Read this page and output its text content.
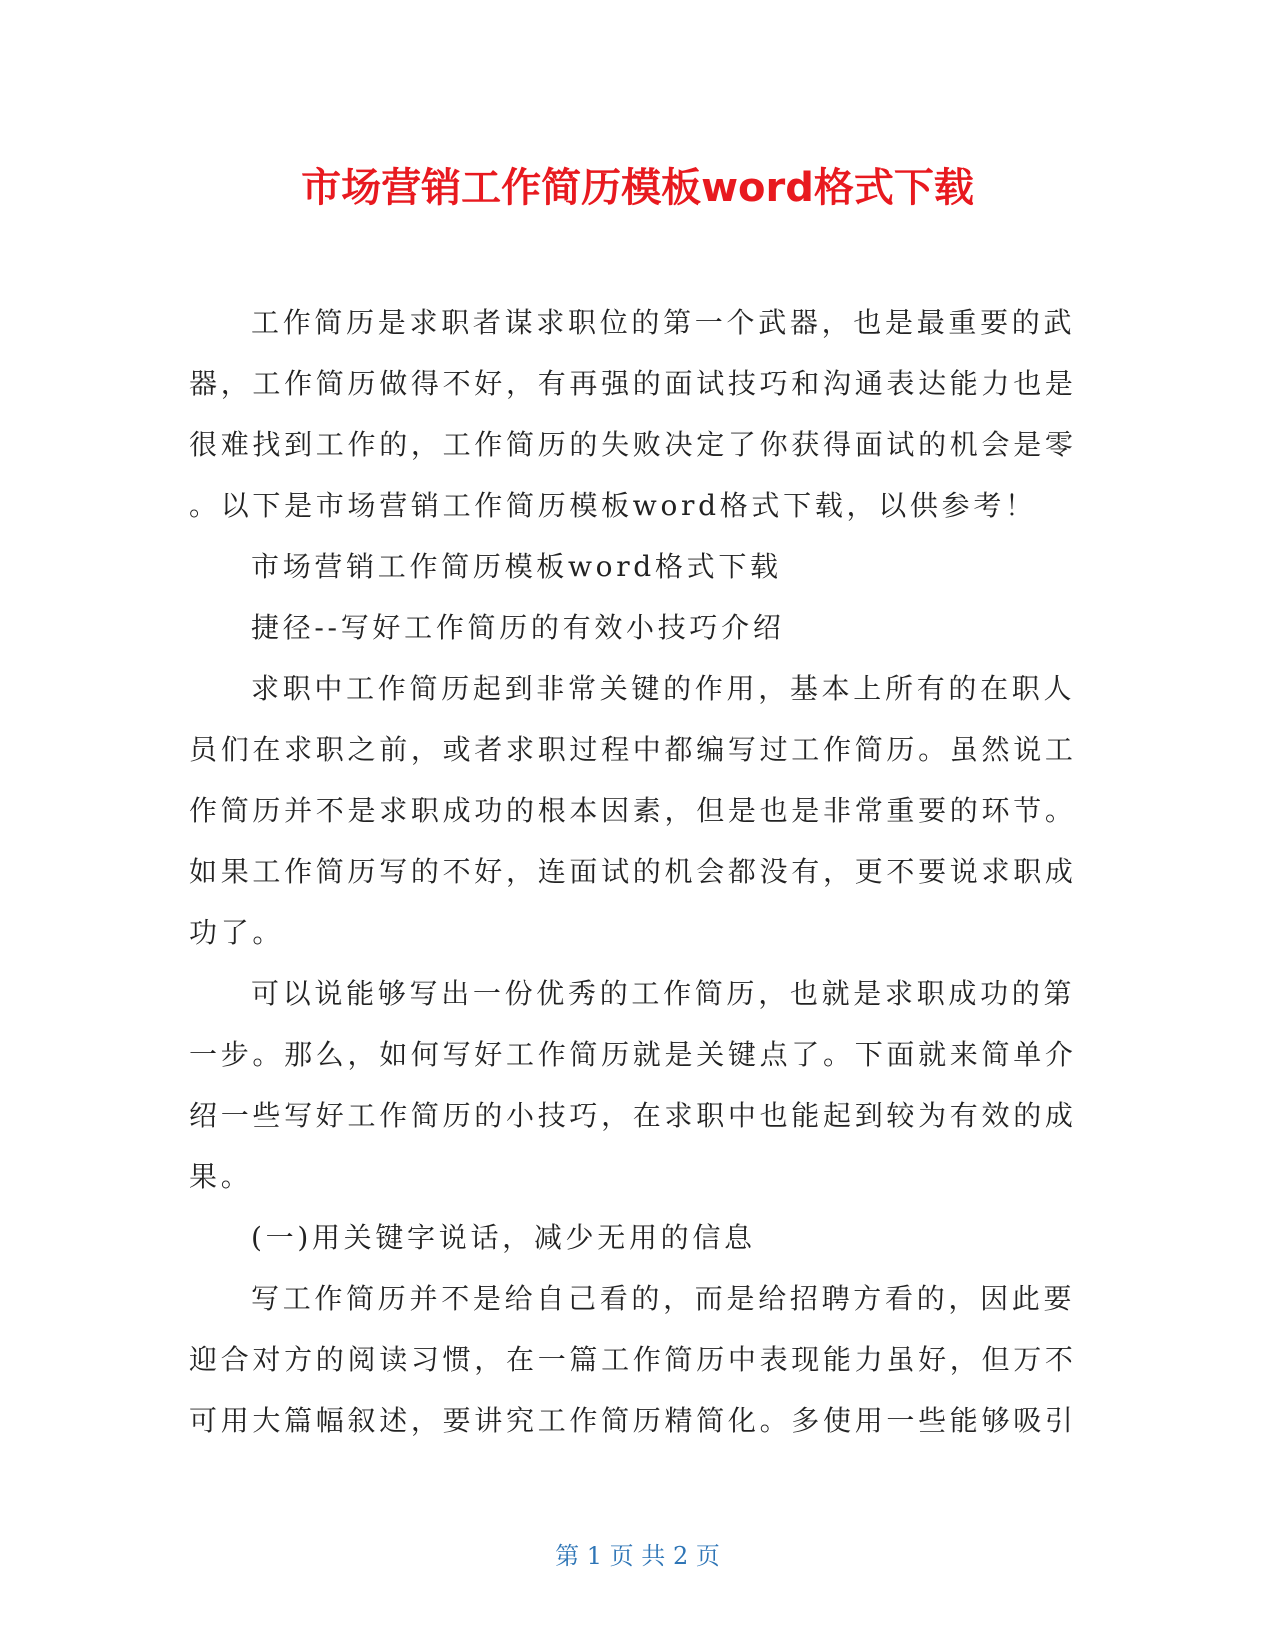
市场营销工作简历模板word格式下载

工作简历是求职者谋求职位的第一个武器，也是最重要的武

器，工作简历做得不好，有再强的面试技巧和沟通表达能力也是

很难找到工作的，工作简历的失败决定了你获得面试的机会是零

。以下是市场营销工作简历模板word格式下载，以供参考！

市场营销工作简历模板word格式下载

捷径--写好工作简历的有效小技巧介绍

求职中工作简历起到非常关键的作用，基本上所有的在职人

员们在求职之前，或者求职过程中都编写过工作简历。虽然说工

作简历并不是求职成功的根本因素，但是也是非常重要的环节。

如果工作简历写的不好，连面试的机会都没有，更不要说求职成

功了。

可以说能够写出一份优秀的工作简历，也就是求职成功的第

一步。那么，如何写好工作简历就是关键点了。下面就来简单介

绍一些写好工作简历的小技巧，在求职中也能起到较为有效的成

果。

(一)用关键字说话，减少无用的信息

写工作简历并不是给自己看的，而是给招聘方看的，因此要

迎合对方的阅读习惯，在一篇工作简历中表现能力虽好，但万不

可用大篇幅叙述，要讲究工作简历精简化。多使用一些能够吸引

第 1 页 共 2 页
